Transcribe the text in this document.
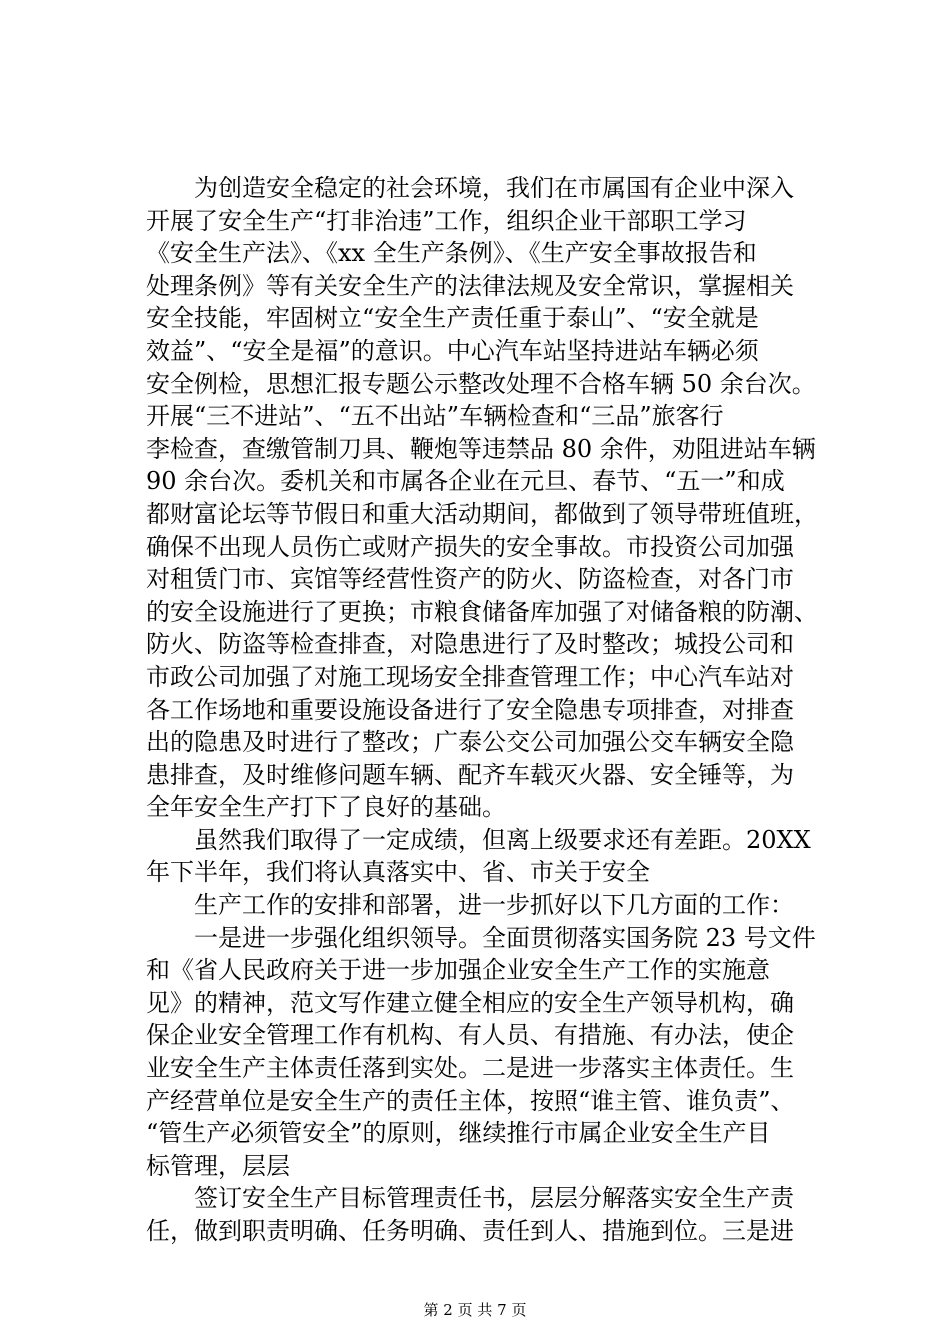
　　为创造安全稳定的社会环境，我们在市属国有企业中深入
开展了安全生产“打非治违”工作，组织企业干部职工学习
《安全生产法》、《xx 全生产条例》、《生产安全事故报告和
处理条例》等有关安全生产的法律法规及安全常识，掌握相关
安全技能，牢固树立“安全生产责任重于泰山”、“安全就是
效益”、“安全是福”的意识。中心汽车站坚持进站车辆必须
安全例检，思想汇报专题公示整改处理不合格车辆 50 余台次。
开展“三不进站”、“五不出站”车辆检查和“三品”旅客行
李检查，查缴管制刀具、鞭炮等违禁品 80 余件，劝阻进站车辆
90 余台次。委机关和市属各企业在元旦、春节、“五一”和成
都财富论坛等节假日和重大活动期间，都做到了领导带班值班，
确保不出现人员伤亡或财产损失的安全事故。市投资公司加强
对租赁门市、宾馆等经营性资产的防火、防盗检查，对各门市
的安全设施进行了更换；市粮食储备库加强了对储备粮的防潮、
防火、防盗等检查排查，对隐患进行了及时整改；城投公司和
市政公司加强了对施工现场安全排查管理工作；中心汽车站对
各工作场地和重要设施设备进行了安全隐患专项排查，对排查
出的隐患及时进行了整改；广泰公交公司加强公交车辆安全隐
患排查，及时维修问题车辆、配齐车载灭火器、安全锤等，为
全年安全生产打下了良好的基础。
　　虽然我们取得了一定成绩，但离上级要求还有差距。20XX
年下半年，我们将认真落实中、省、市关于安全
　　生产工作的安排和部署，进一步抓好以下几方面的工作：
　　一是进一步强化组织领导。全面贯彻落实国务院 23 号文件
和《省人民政府关于进一步加强企业安全生产工作的实施意
见》的精神，范文写作建立健全相应的安全生产领导机构，确
保企业安全管理工作有机构、有人员、有措施、有办法，使企
业安全生产主体责任落到实处。二是进一步落实主体责任。生
产经营单位是安全生产的责任主体，按照“谁主管、谁负责”、
“管生产必须管安全”的原则，继续推行市属企业安全生产目
标管理，层层
　　签订安全生产目标管理责任书，层层分解落实安全生产责
任，做到职责明确、任务明确、责任到人、措施到位。三是进
第 2 页 共 7 页
